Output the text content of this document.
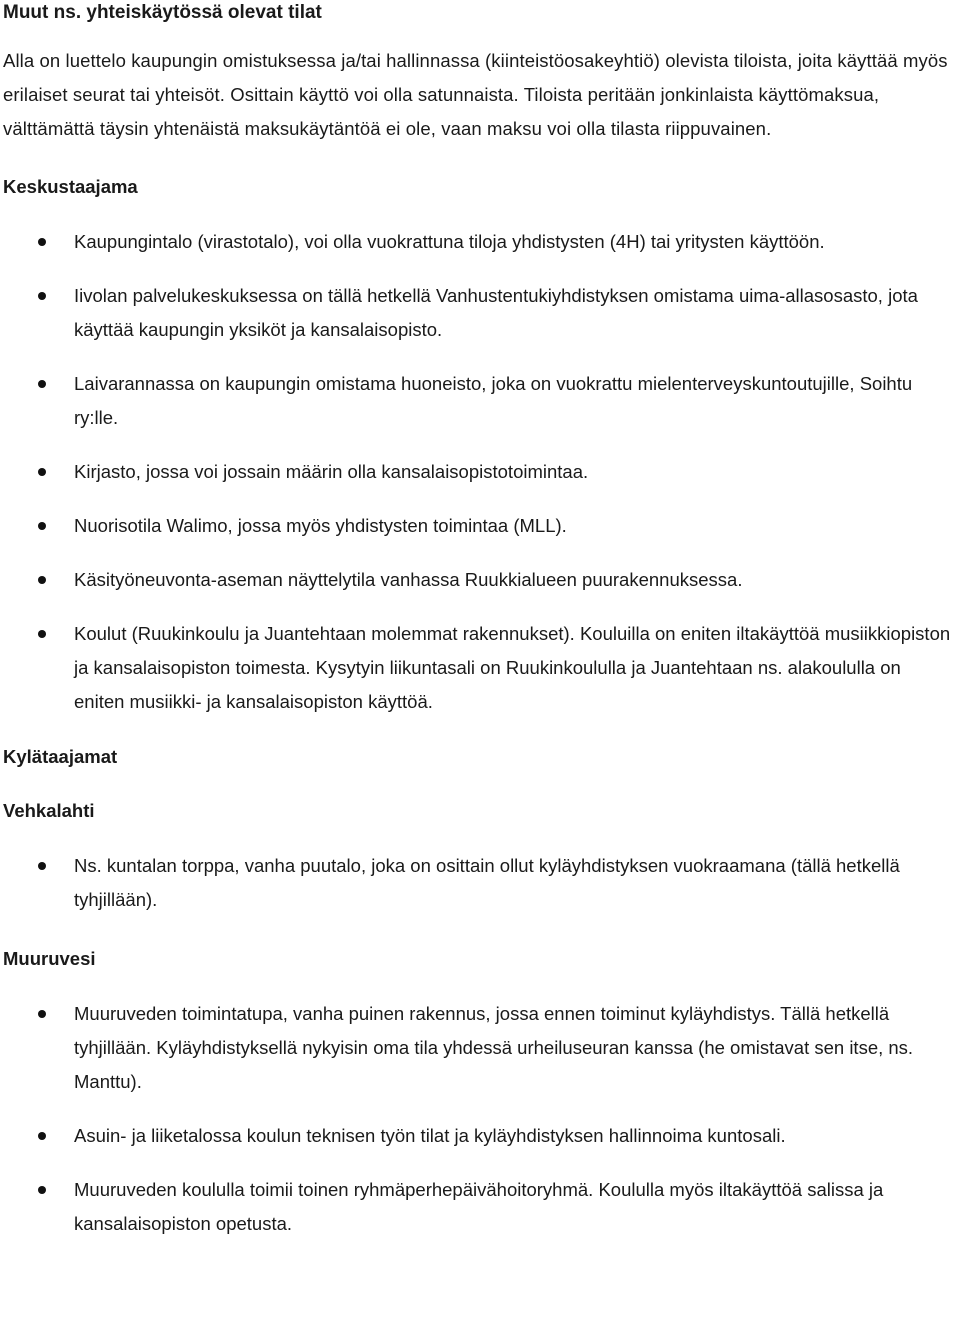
Muut ns. yhteiskäytössä olevat tilat

Alla on luettelo kaupungin omistuksessa ja/tai hallinnassa (kiinteistöosakeyhtiö) olevista tiloista, joita käyttää myös erilaiset seurat tai yhteisöt. Osittain käyttö voi olla satunnaista. Tiloista peritään jonkinlaista käyttömaksua, välttämättä täysin yhtenäistä maksukäytäntöä ei ole, vaan maksu voi olla tilasta riippuvainen.

Keskustaajama
Kaupungintalo (virastotalo), voi olla vuokrattuna tiloja yhdistysten (4H) tai yritysten käyttöön.
Iivolan palvelukeskuksessa on tällä hetkellä Vanhustentukiyhdistyksen omistama uima-allasosasto, jota käyttää kaupungin yksiköt ja kansalaisopisto.
Laivarannassa on kaupungin omistama huoneisto, joka on vuokrattu mielenterveyskuntoutujille, Soihtu ry:lle.
Kirjasto, jossa voi jossain määrin olla kansalaisopistotoimintaa.
Nuorisotila Walimo, jossa myös yhdistysten toimintaa (MLL).
Käsityöneuvonta-aseman näyttelytila vanhassa Ruukkialueen puurakennuksessa.
Koulut (Ruukinkoulu ja Juantehtaan molemmat rakennukset). Kouluilla on eniten iltakäyttöä musiikkiopiston ja kansalaisopiston toimesta. Kysytyin liikuntasali on Ruukinkoululla ja Juantehtaan ns. alakoululla on eniten musiikki- ja kansalaisopiston käyttöä.
Kylätaajamat
Vehkalahti
Ns. kuntalan torppa, vanha puutalo, joka on osittain ollut kyläyhdistyksen vuokraamana (tällä hetkellä tyhjillään).
Muuruvesi
Muuruveden toimintatupa, vanha puinen rakennus, jossa ennen toiminut kyläyhdistys. Tällä hetkellä tyhjillään. Kyläyhdistyksellä nykyisin oma tila yhdessä urheiluseuran kanssa (he omistavat sen itse, ns. Manttu).
Asuin- ja liiketalossa koulun teknisen työn tilat ja kyläyhdistyksen hallinnoima kuntosali.
Muuruveden koululla toimii toinen ryhmäperhepäivähoitoryhmä. Koululla myös iltakäyttöä salissa ja kansalaisopiston opetusta.
